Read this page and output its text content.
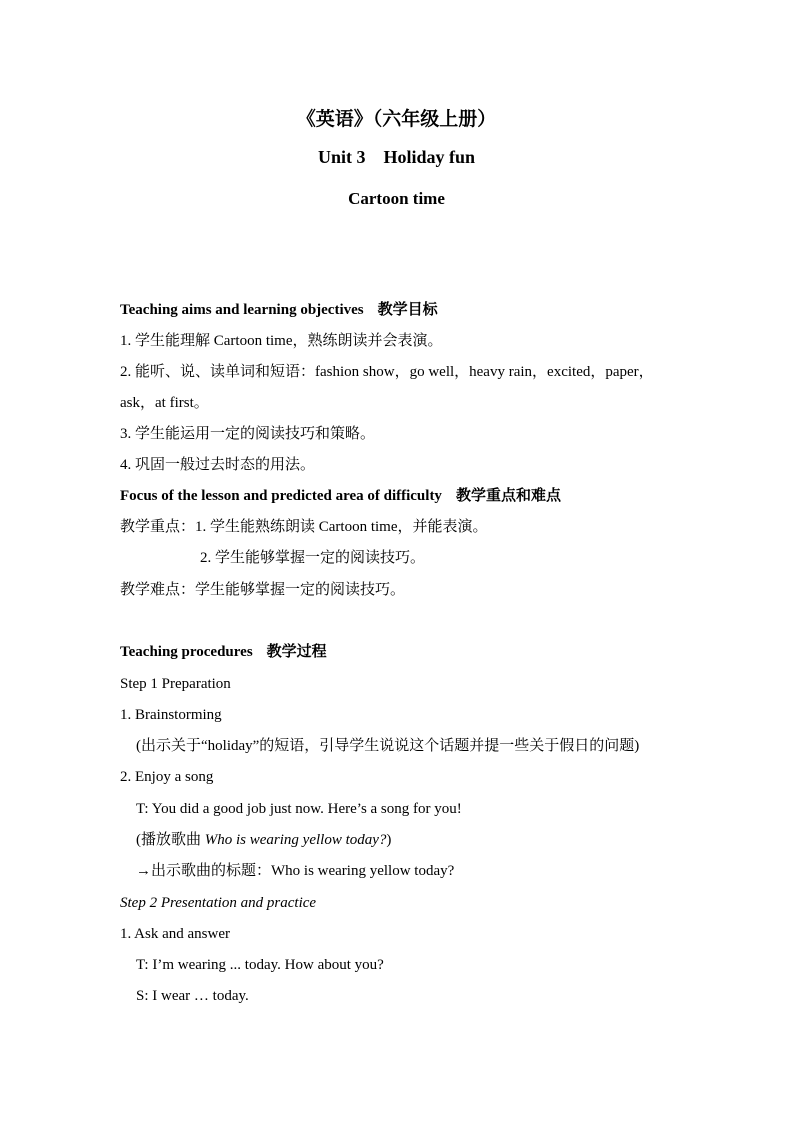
《英语》（六年级上册）
Unit 3    Holiday fun
Cartoon time
Teaching aims and learning objectives 教学目标
1. 学生能理解 Cartoon time，熟练朗读并会表演。
2. 能听、说、读单词和短语：fashion show，go well，heavy rain，excited，paper，
ask，at first。
3. 学生能运用一定的阅读技巧和策略。
4. 巩固一般过去时态的用法。
Focus of the lesson and predicted area of difficulty 教学重点和难点
教学重点：1. 学生能熟练朗读 Cartoon time，并能表演。
2. 学生能够掌握一定的阅读技巧。
教学难点：学生能够掌握一定的阅读技巧。
Teaching procedures 教学过程
Step 1 Preparation
1. Brainstorming
(出示关于“holiday”的短语，引导学生说说这个话题并提一些关于假日的问题)
2. Enjoy a song
T: You did a good job just now. Here’s a song for you!
(播放歌曲 Who is wearing yellow today?)
→出示歌曲的标题：Who is wearing yellow today?
Step 2 Presentation and practice
1. Ask and answer
T: I’m wearing ... today. How about you?
S: I wear … today.
